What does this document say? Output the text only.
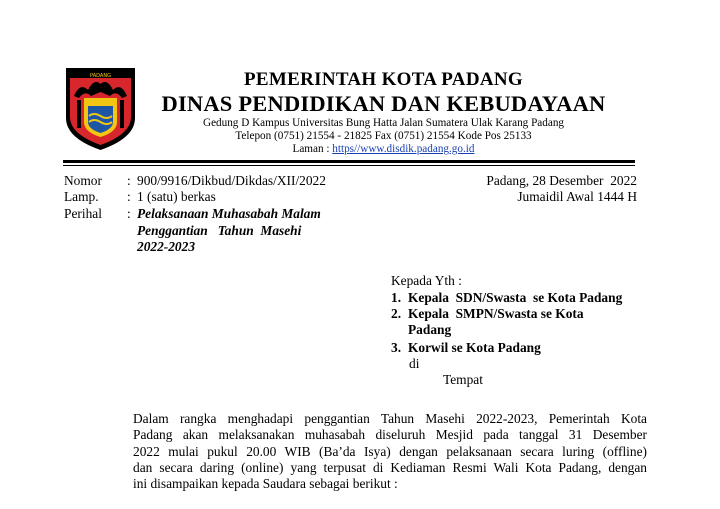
PADANG	PEMERINTAH KOTA PADANG
DINAS PENDIDIKAN DAN KEBUDAYAAN
Gedung D Kampus Universitas Bung Hatta Jalan Sumatera Ulak Karang Padang
Telepon (0751) 21554 - 21825 Fax (0751) 21554 Kode Pos 25133
Laman : https//www.disdik.padang.go.id
Nomor : 900/9916/Dikbud/Dikdas/XII/2022
Lamp. : 1 (satu) berkas
Perihal : Pelaksanaan Muhasabah Malam
Penggantian   Tahun  Masehi
2022-2023
Padang, 28 Desember  2022
Jumaidil Awal 1444 H
Kepada Yth :
1. Kepala  SDN/Swasta  se Kota Padang
2. Kepala  SMPN/Swasta se Kota
Padang
3. Korwil se Kota Padang
di
Tempat
Dalam rangka menghadapi penggantian Tahun Masehi 2022-2023, Pemerintah Kota
Padang akan melaksanakan muhasabah diseluruh Mesjid pada tanggal 31 Desember
2022 mulai pukul 20.00 WIB (Ba’da Isya) dengan pelaksanaan secara luring (offline)
dan secara daring (online) yang terpusat di Kediaman Resmi Wali Kota Padang, dengan
ini disampaikan kepada Saudara sebagai berikut :
